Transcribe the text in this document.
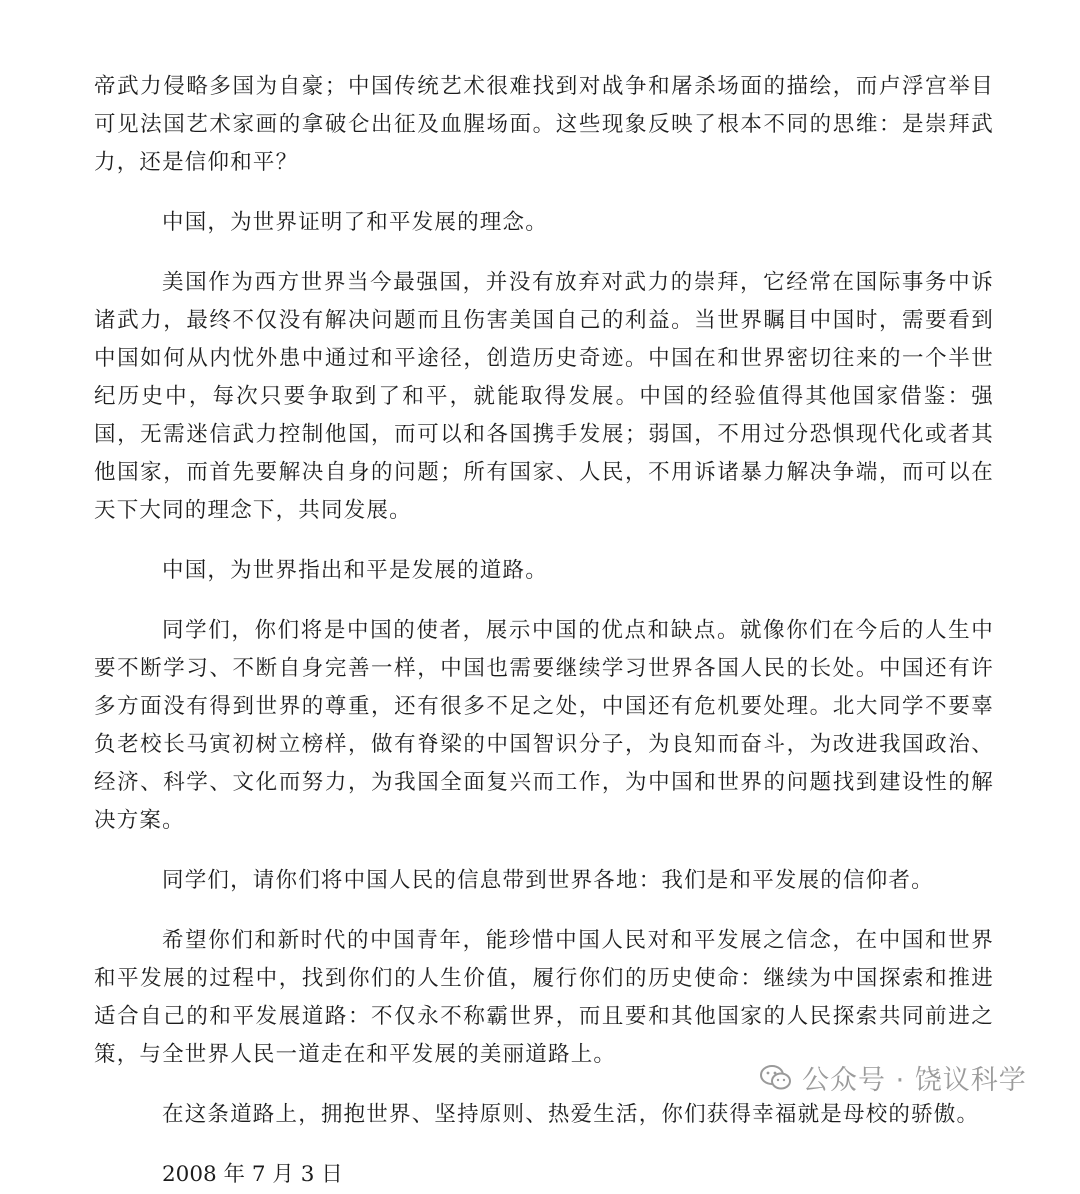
帝武力侵略多国为自豪；中国传统艺术很难找到对战争和屠杀场面的描绘，而卢浮宫举目可见法国艺术家画的拿破仑出征及血腥场面。这些现象反映了根本不同的思维：是崇拜武力，还是信仰和平？

中国，为世界证明了和平发展的理念。

美国作为西方世界当今最强国，并没有放弃对武力的崇拜，它经常在国际事务中诉诸武力，最终不仅没有解决问题而且伤害美国自己的利益。当世界瞩目中国时，需要看到中国如何从内忧外患中通过和平途径，创造历史奇迹。中国在和世界密切往来的一个半世纪历史中，每次只要争取到了和平，就能取得发展。中国的经验值得其他国家借鉴：强国，无需迷信武力控制他国，而可以和各国携手发展；弱国，不用过分恐惧现代化或者其他国家，而首先要解决自身的问题；所有国家、人民，不用诉诸暴力解决争端，而可以在天下大同的理念下，共同发展。

中国，为世界指出和平是发展的道路。

同学们，你们将是中国的使者，展示中国的优点和缺点。就像你们在今后的人生中要不断学习、不断自身完善一样，中国也需要继续学习世界各国人民的长处。中国还有许多方面没有得到世界的尊重，还有很多不足之处，中国还有危机要处理。北大同学不要辜负老校长马寅初树立榜样，做有脊梁的中国智识分子，为良知而奋斗，为改进我国政治、经济、科学、文化而努力，为我国全面复兴而工作，为中国和世界的问题找到建设性的解决方案。

同学们，请你们将中国人民的信息带到世界各地：我们是和平发展的信仰者。

希望你们和新时代的中国青年，能珍惜中国人民对和平发展之信念，在中国和世界和平发展的过程中，找到你们的人生价值，履行你们的历史使命：继续为中国探索和推进适合自己的和平发展道路：不仅永不称霸世界，而且要和其他国家的人民探索共同前进之策，与全世界人民一道走在和平发展的美丽道路上。

在这条道路上，拥抱世界、坚持原则、热爱生活，你们获得幸福就是母校的骄傲。

2008 年 7 月 3 日

公众号 · 饶议科学
